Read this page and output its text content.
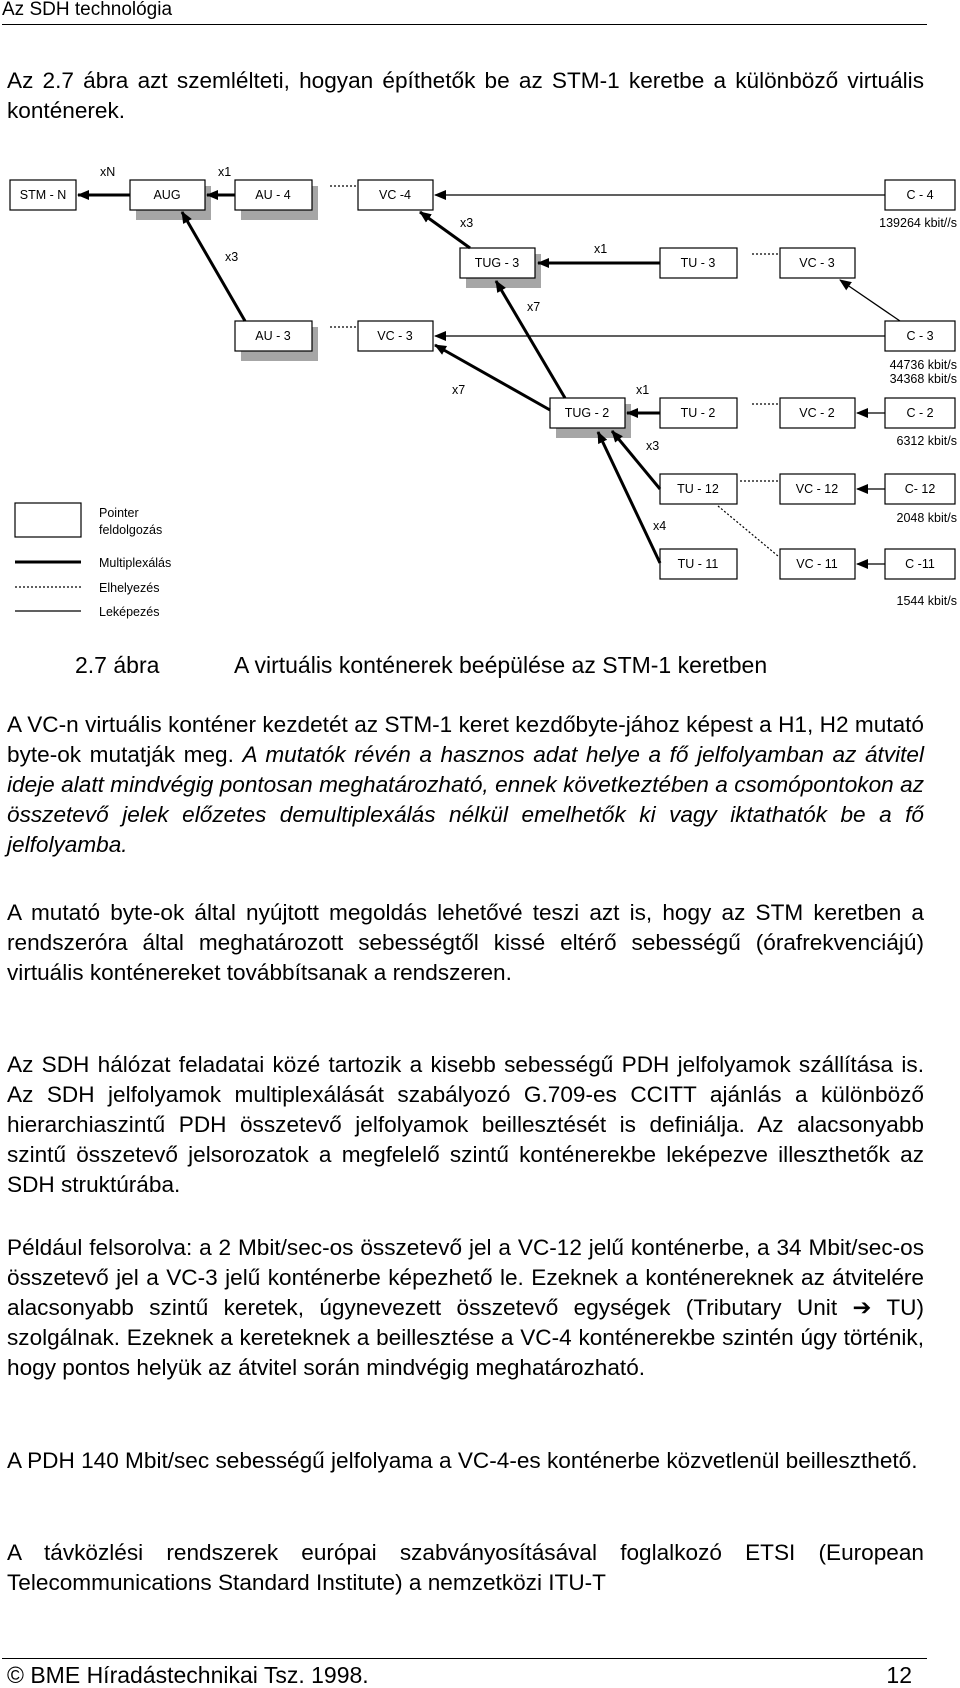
Az SDH technológia

Az 2.7 ábra azt szemlélteti, hogyan építhetők be az STM-1 keretbe a különböző virtuális konténerek.

STM - N	AUG	AU - 4	VC -4	C - 4
TUG - 3	TU - 3	VC - 3
AU - 3	VC - 3	C - 3
TUG - 2	TU - 2	VC - 2	C - 2
TU - 12	VC - 12	C- 12
TU - 11	VC - 11	C -11
xN	x1
x3
x3
x1
x7
x7	x1
x3
x4
139264 kbit//s
44736 kbit/s
34368 kbit/s
6312 kbit/s
2048 kbit/s
1544 kbit/s
Pointer
feldolgozás
Multiplexálás
Elhelyezés
Leképezés
2.7 ábra	A virtuális konténerek beépülése az STM-1 keretben

A VC-n virtuális konténer kezdetét az STM-1 keret kezdőbyte-jához képest a H1, H2 mutató byte-ok mutatják meg. A mutatók révén a hasznos adat helye a fő jelfolyamban az átvitel ideje alatt mindvégig pontosan meghatározható, ennek következtében a csomópontokon az összetevő jelek előzetes demultiplexálás nélkül emelhetők ki vagy iktathatók be a fő jelfolyamba.

A mutató byte-ok által nyújtott megoldás lehetővé teszi azt is, hogy az STM keretben a rendszeróra által meghatározott sebességtől kissé eltérő sebességű (órafrekvenciájú) virtuális konténereket továbbítsanak a rendszeren.

Az SDH hálózat feladatai közé tartozik a kisebb sebességű PDH jelfolyamok szállítása is. Az SDH jelfolyamok multiplexálását szabályozó G.709-es CCITT ajánlás a különböző hierarchiaszintű PDH összetevő jelfolyamok beillesztését is definiálja. Az alacsonyabb szintű összetevő jelsorozatok a megfelelő szintű konténerekbe leképezve illeszthetők az SDH struktúrába.

Például felsorolva: a 2 Mbit/sec-os összetevő jel a VC-12 jelű konténerbe, a 34 Mbit/sec-os összetevő jel a VC-3 jelű konténerbe képezhető le. Ezeknek a konténereknek az átvitelére alacsonyabb szintű keretek, úgynevezett összetevő egységek (Tributary Unit ➔ TU) szolgálnak. Ezeknek a kereteknek a beillesztése a VC-4 konténerekbe szintén úgy történik, hogy pontos helyük az átvitel során mindvégig meghatározható.

A PDH 140 Mbit/sec sebességű jelfolyama a VC-4-es konténerbe közvetlenül beilleszthető.

A távközlési rendszerek európai szabványosításával foglalkozó ETSI (European Telecommunications Standard Institute) a nemzetközi ITU-T

© BME Híradástechnikai Tsz. 1998.	12
